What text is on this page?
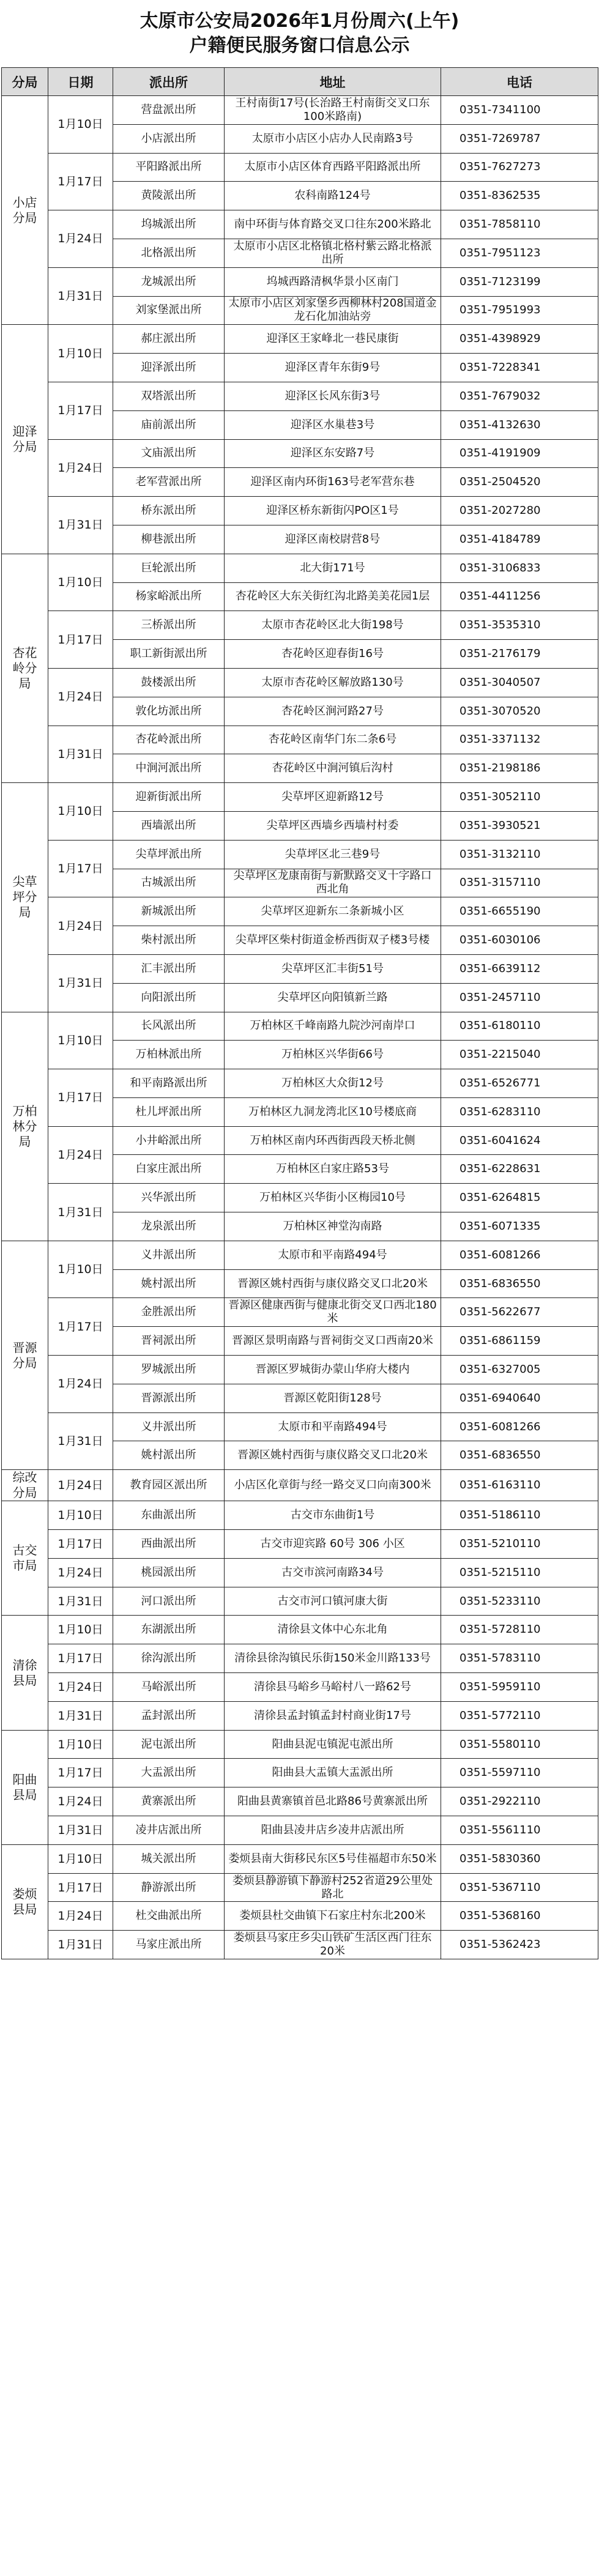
太原市公安局2026年1月份周六(上午)
户籍便民服务窗口信息公示
分局	日期	派出所	地址	电话
小店分局	1月10日	营盘派出所	王村南街17号(长治路王村南街交叉口东100米路南)	0351-7341100
		小店派出所	太原市小店区小店办人民南路3号	0351-7269787
	1月17日	平阳路派出所	太原市小店区体育西路平阳路派出所	0351-7627273
		黄陵派出所	农科南路124号	0351-8362535
	1月24日	坞城派出所	南中环街与体育路交叉口往东200米路北	0351-7858110
		北格派出所	太原市小店区北格镇北格村紫云路北格派出所	0351-7951123
	1月31日	龙城派出所	坞城西路清枫华景小区南门	0351-7123199
		刘家堡派出所	太原市小店区刘家堡乡西柳林村208国道金龙石化加油站旁	0351-7951993
迎泽分局	1月10日	郝庄派出所	迎泽区王家峰北一巷民康街	0351-4398929
		迎泽派出所	迎泽区青年东街9号	0351-7228341
	1月17日	双塔派出所	迎泽区长风东街3号	0351-7679032
		庙前派出所	迎泽区水巢巷3号	0351-4132630
	1月24日	文庙派出所	迎泽区东安路7号	0351-4191909
		老军营派出所	迎泽区南内环街163号老军营东巷	0351-2504520
	1月31日	桥东派出所	迎泽区桥东新街闪PO区1号	0351-2027280
		柳巷派出所	迎泽区南校尉营8号	0351-4184789
杏花岭分局	1月10日	巨轮派出所	北大街171号	0351-3106833
		杨家峪派出所	杏花岭区大东关街红沟北路美美花园1层	0351-4411256
	1月17日	三桥派出所	太原市杏花岭区北大街198号	0351-3535310
		职工新街派出所	杏花岭区迎春街16号	0351-2176179
	1月24日	鼓楼派出所	太原市杏花岭区解放路130号	0351-3040507
		敦化坊派出所	杏花岭区涧河路27号	0351-3070520
	1月31日	杏花岭派出所	杏花岭区南华门东二条6号	0351-3371132
		中涧河派出所	杏花岭区中涧河镇后沟村	0351-2198186
尖草坪分局	1月10日	迎新街派出所	尖草坪区迎新路12号	0351-3052110
		西墙派出所	尖草坪区西墙乡西墙村村委	0351-3930521
	1月17日	尖草坪派出所	尖草坪区北三巷9号	0351-3132110
		古城派出所	尖草坪区龙康南街与新默路交叉十字路口西北角	0351-3157110
	1月24日	新城派出所	尖草坪区迎新东二条新城小区	0351-6655190
		柴村派出所	尖草坪区柴村街道金桥西街双子楼3号楼	0351-6030106
	1月31日	汇丰派出所	尖草坪区汇丰街51号	0351-6639112
		向阳派出所	尖草坪区向阳镇新兰路	0351-2457110
万柏林分局	1月10日	长风派出所	万柏林区千峰南路九院沙河南岸口	0351-6180110
		万柏林派出所	万柏林区兴华街66号	0351-2215040
	1月17日	和平南路派出所	万柏林区大众街12号	0351-6526771
		杜儿坪派出所	万柏林区九洞龙湾北区10号楼底商	0351-6283110
	1月24日	小井峪派出所	万柏林区南内环西街西段天桥北侧	0351-6041624
		白家庄派出所	万柏林区白家庄路53号	0351-6228631
	1月31日	兴华派出所	万柏林区兴华街小区梅园10号	0351-6264815
		龙泉派出所	万柏林区神堂沟南路	0351-6071335
晋源分局	1月10日	义井派出所	太原市和平南路494号	0351-6081266
		姚村派出所	晋源区姚村西街与康仪路交叉口北20米	0351-6836550
	1月17日	金胜派出所	晋源区健康西街与健康北街交叉口西北180米	0351-5622677
		晋祠派出所	晋源区景明南路与晋祠街交叉口西南20米	0351-6861159
	1月24日	罗城派出所	晋源区罗城街办蒙山华府大楼内	0351-6327005
		晋源派出所	晋源区乾阳街128号	0351-6940640
	1月31日	义井派出所	太原市和平南路494号	0351-6081266
		姚村派出所	晋源区姚村西街与康仪路交叉口北20米	0351-6836550
综改分局	1月24日	教育园区派出所	小店区化章街与经一路交叉口向南300米	0351-6163110
古交市局	1月10日	东曲派出所	古交市东曲街1号	0351-5186110
	1月17日	西曲派出所	古交市迎宾路 60号 306 小区	0351-5210110
	1月24日	桃园派出所	古交市滨河南路34号	0351-5215110
	1月31日	河口派出所	古交市河口镇河康大街	0351-5233110
清徐县局	1月10日	东湖派出所	清徐县文体中心东北角	0351-5728110
	1月17日	徐沟派出所	清徐县徐沟镇民乐街150米金川路133号	0351-5783110
	1月24日	马峪派出所	清徐县马峪乡马峪村八一路62号	0351-5959110
	1月31日	孟封派出所	清徐县孟封镇孟封村商业街17号	0351-5772110
阳曲县局	1月10日	泥屯派出所	阳曲县泥屯镇泥屯派出所	0351-5580110
	1月17日	大盂派出所	阳曲县大盂镇大盂派出所	0351-5597110
	1月24日	黄寨派出所	阳曲县黄寨镇首邑北路86号黄寨派出所	0351-2922110
	1月31日	凌井店派出所	阳曲县凌井店乡凌井店派出所	0351-5561110
娄烦县局	1月10日	城关派出所	娄烦县南大街移民东区5号佳福超市东50米	0351-5830360
	1月17日	静游派出所	娄烦县静游镇下静游村252省道29公里处路北	0351-5367110
	1月24日	杜交曲派出所	娄烦县杜交曲镇下石家庄村东北200米	0351-5368160
	1月31日	马家庄派出所	娄烦县马家庄乡尖山铁矿生活区西门往东20米	0351-5362423
